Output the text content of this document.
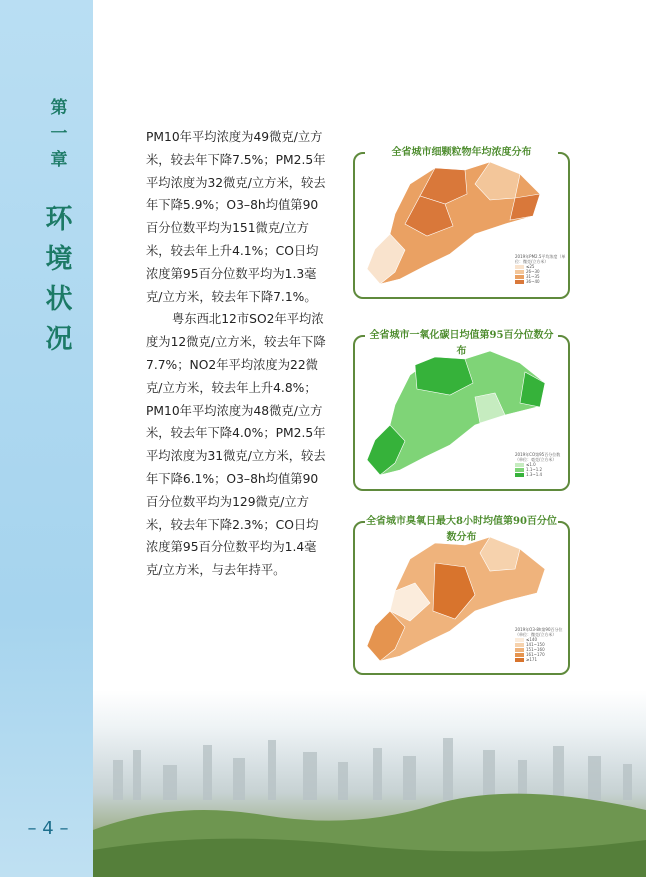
第
一
章
环
境
状
况
– 4 –

PM10年平均浓度为49微克/立方米，较去年下降7.5%；PM2.5年平均浓度为32微克/立方米，较去年下降5.9%；O3–8h均值第90百分位数平均为151微克/立方米，较去年上升4.1%；CO日均浓度第95百分位数平均为1.3毫克/立方米，较去年下降7.1%。

粤东西北12市SO2年平均浓度为12微克/立方米，较去年下降7.7%；NO2年平均浓度为22微克/立方米，较去年上升4.8%；PM10年平均浓度为48微克/立方米，较去年下降4.0%；PM2.5年平均浓度为31微克/立方米，较去年下降6.1%；O3–8h均值第90百分位数平均为129微克/立方米，较去年下降2.3%；CO日均浓度第95百分位数平均为1.4毫克/立方米，与去年持平。

全省城市细颗粒物年均浓度分布
2019年PM2.5平均浓度（单位：微克/立方米）
≤25
26~30
31~35
36~40
全省城市一氧化碳日均值第95百分位数分布
2019年CO第95百分位数（单位：毫克/立方米）
≤1.0
1.1~1.2
1.3~1.4
全省城市臭氧日最大8小时均值第90百分位数分布
2019年O3-8h第90百分位（单位：微克/立方米）
≤140
141~150
151~160
161~170
≥171
